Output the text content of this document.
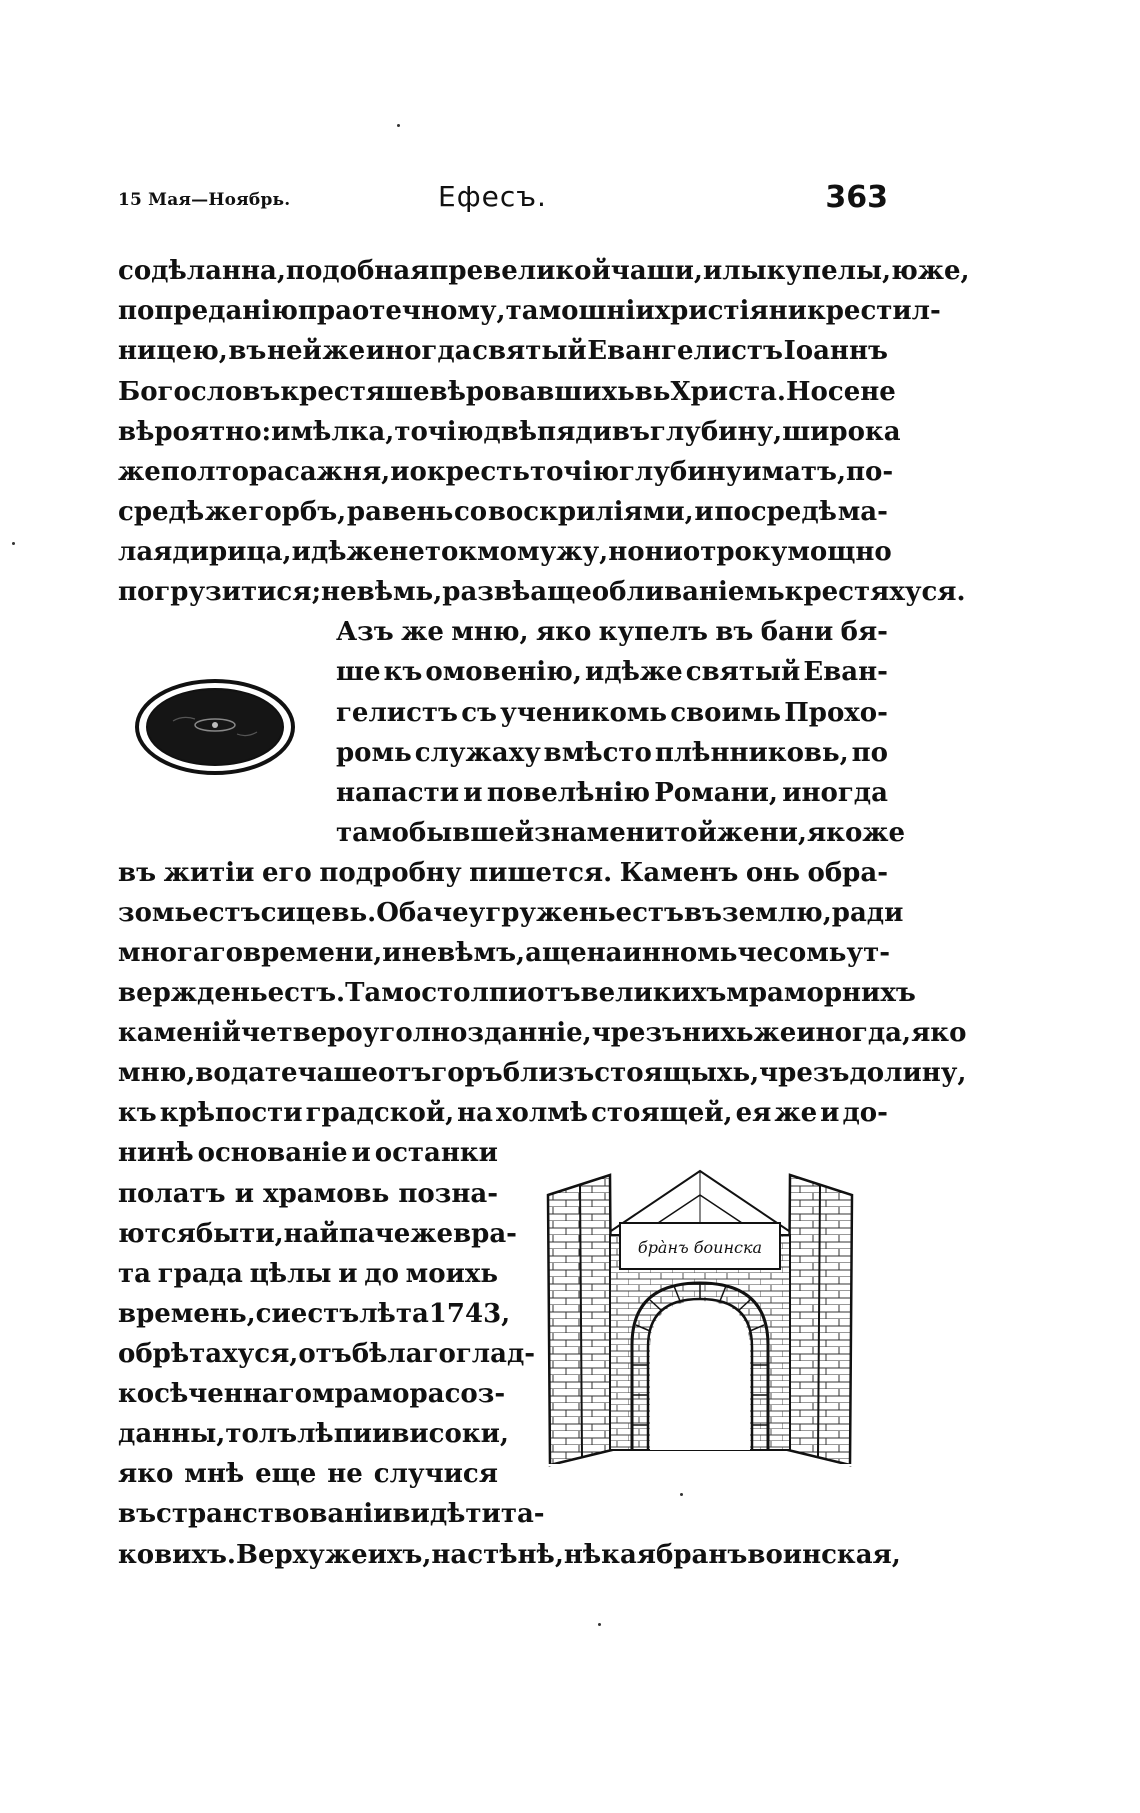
15 Мая—Ноябрь.	Ефесъ.	363
содѣланна, подобная превеликой чаши, илы купелы, юже,
по преданію праотечному, тамошніи христіяни крестил-
ницею, въ ней же иногда святый Евангелистъ Іоаннъ
Богословъ крестяше вѣровавшихь вь Христа. Но се не
вѣроятно: и мѣлка, точію двѣ пяди въ глубину, широка
же полтора сажня, и окресть точію глубину иматъ, по-
средѣ же горбъ, равень со воскриліями, и посредѣ ма-
лая дирица, идѣже не токмо мужу, но ни отроку мощно
погрузитися; не вѣмь, развѣ аще обливаніемь крестяхуся.
Азъ же мню, яко купелъ въ бани бя-
ше къ омовенію, идѣже святый Еван-
гелистъ съ ученикомь своимь Прохо-
ромь служаху вмѣсто плѣнниковь, по
напасти и повелѣнію Романи, иногда
тамо бывшей знаменитой жени, якоже
въ житіи его подробну пишется. Каменъ онь обра-
зомь естъ сицевь. Обаче угружень естъ въ землю, ради
многаго времени, и не вѣмъ, аще на инномь чесомь ут-
верждень естъ. Тамо столпи отъ великихъ мраморнихъ
каменій четвероуголно зданніе, чрезъ нихь же иногда, яко
мню, вода течаше отъ горъ близъ стоящыхь, чрезъ долину,
къ крѣпости градской, на холмѣ стоящей, ея же и до-
нинѣ основаніе и останки
полатъ и храмовь позна-
ются быти, найпачеже вра-
та града цѣлы и до моихь
времень, си естъ лѣта 1743,
обрѣтахуся, отъ бѣлаго глад-
косѣченнаго мрамора соз-
данны, толъ лѣпи и високи,
яко мнѣ еще не случися
въ странствованіи видѣти та-
ковихъ. Верху же ихъ, на стѣнѣ, нѣкая бранъ воинская,
бра̀нъ боинска
